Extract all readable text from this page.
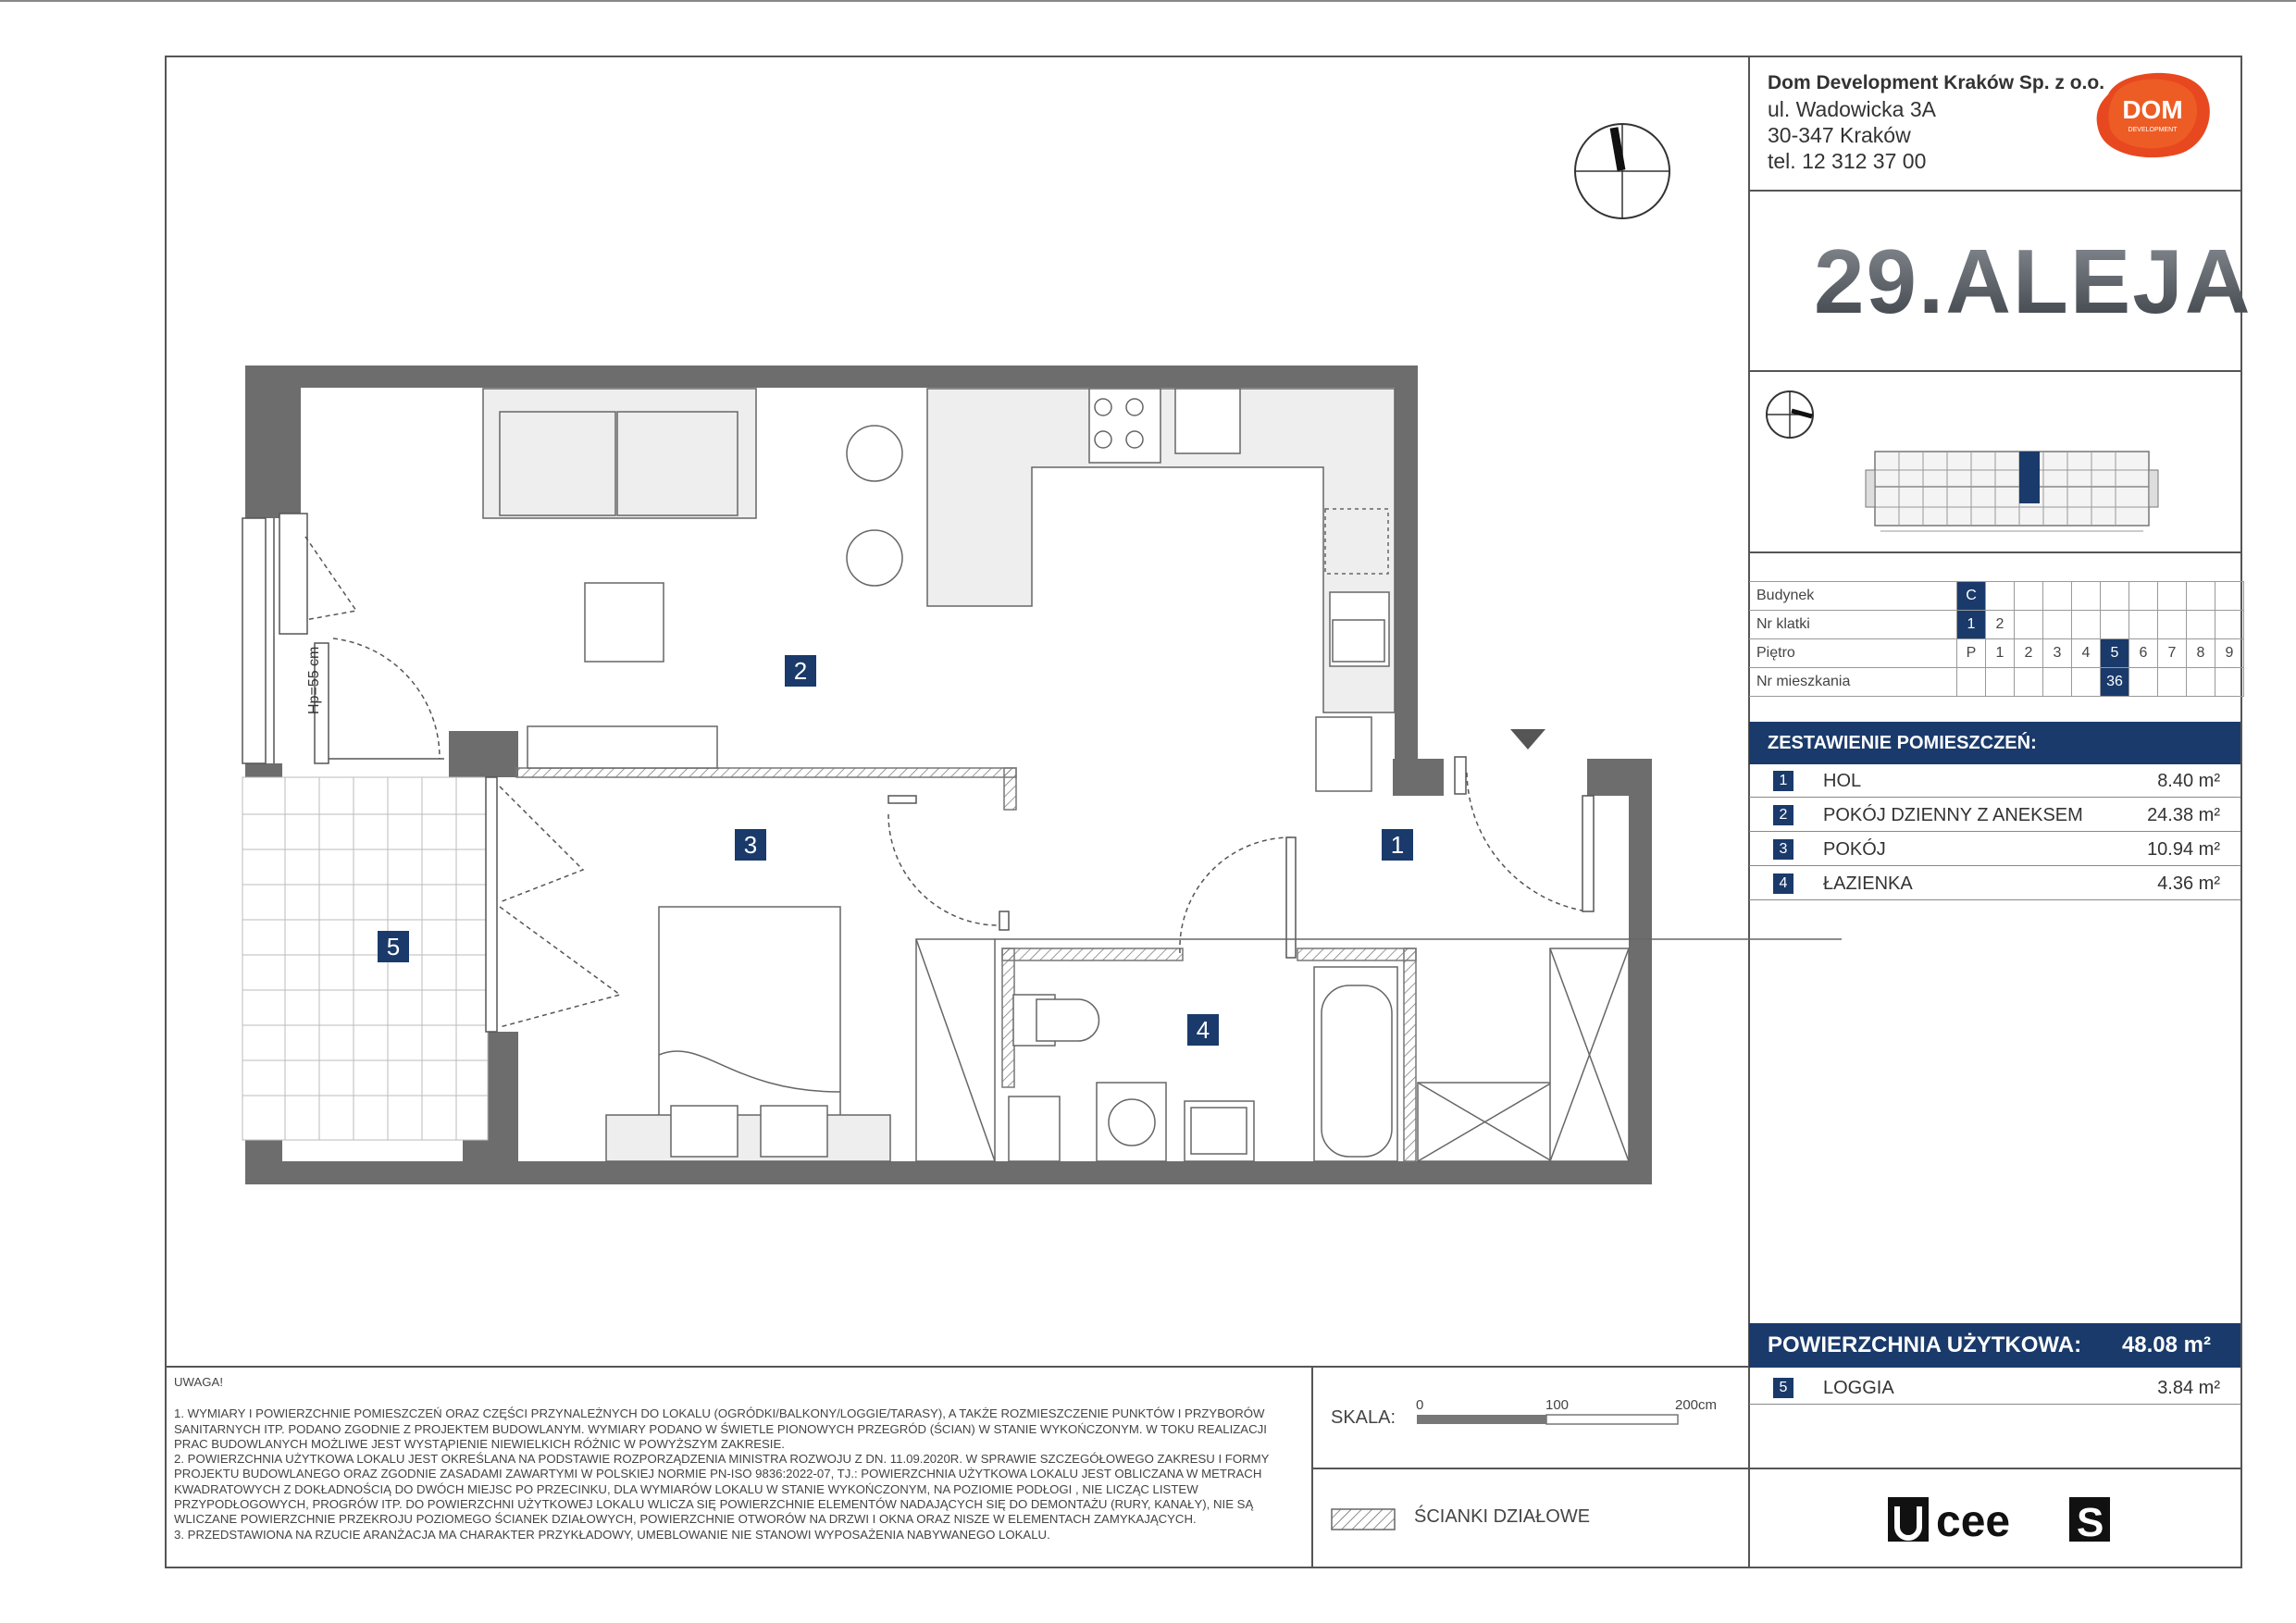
Dom Development Kraków Sp. z o.o.
ul. Wadowicka 3A
30-347 Kraków
tel. 12 312 37 00
DOM
DEVELOPMENT
29.ALEJA
Budynek	C									
Nr klatki	1	2								
Piętro	P	1	2	3	4	5	6	7	8	9
Nr mieszkania						36				
ZESTAWIENIE POMIESZCZEŃ:
1	HOL	8.40 m²
2	POKÓJ DZIENNY Z ANEKSEM	24.38 m²
3	POKÓJ	10.94 m²
4	ŁAZIENKA	4.36 m²
POWIERZCHNIA UŻYTKOWA: 48.08 m²
5	LOGGIA	3.84 m²

UWAGA!

1. WYMIARY I POWIERZCHNIE POMIESZCZEŃ ORAZ CZĘŚCI PRZYNALEŻNYCH DO LOKALU (OGRÓDKI/BALKONY/LOGGIE/TARASY), A TAKŻE ROZMIESZCZENIE PUNKTÓW I PRZYBORÓW SANITARNYCH ITP. PODANO ZGODNIE Z PROJEKTEM BUDOWLANYM. WYMIARY PODANO W ŚWIETLE PIONOWYCH PRZEGRÓD (ŚCIAN) W STANIE WYKOŃCZONYM. W TOKU REALIZACJI PRAC BUDOWLANYCH MOŻLIWE JEST WYSTĄPIENIE NIEWIELKICH RÓŻNIC W POWYŻSZYM ZAKRESIE.
2. POWIERZCHNIA UŻYTKOWA LOKALU JEST OKREŚLANA NA PODSTAWIE ROZPORZĄDZENIA MINISTRA ROZWOJU Z DN. 11.09.2020R. W SPRAWIE SZCZEGÓŁOWEGO ZAKRESU I FORMY PROJEKTU BUDOWLANEGO ORAZ ZGODNIE ZASADAMI ZAWARTYMI W POLSKIEJ NORMIE PN-ISO 9836:2022-07, TJ.: POWIERZCHNIA UŻYTKOWA LOKALU JEST OBLICZANA W METRACH KWADRATOWYCH Z DOKŁADNOŚCIĄ DO DWÓCH MIEJSC PO PRZECINKU, DLA WYMIARÓW LOKALU W STANIE WYKOŃCZONYM, NA POZIOMIE PODŁOGI , NIE LICZĄC LISTEW PRZYPODŁOGOWYCH, PROGRÓW ITP. DO POWIERZCHNI UŻYTKOWEJ LOKALU WLICZA SIĘ POWIERZCHNIE ELEMENTÓW NADAJĄCYCH SIĘ DO DEMONTAŻU (RURY, KANAŁY), NIE SĄ WLICZANE POWIERZCHNIE PRZEKROJU POZIOMEGO ŚCIANEK DZIAŁOWYCH, POWIERZCHNIE OTWORÓW NA DRZWI I OKNA ORAZ NISZE W ELEMENTACH ZAMYKAJĄCYCH.
3. PRZEDSTAWIONA NA RZUCIE ARANŻACJA MA CHARAKTER PRZYKŁADOWY, UMEBLOWANIE NIE STANOWI WYPOSAŻENIA NABYWANEGO LOKALU.
SKALA:
0	100	200cm
ŚCIANKI DZIAŁOWE	cee S
1
2
3
4
5
Hp=55 cm
